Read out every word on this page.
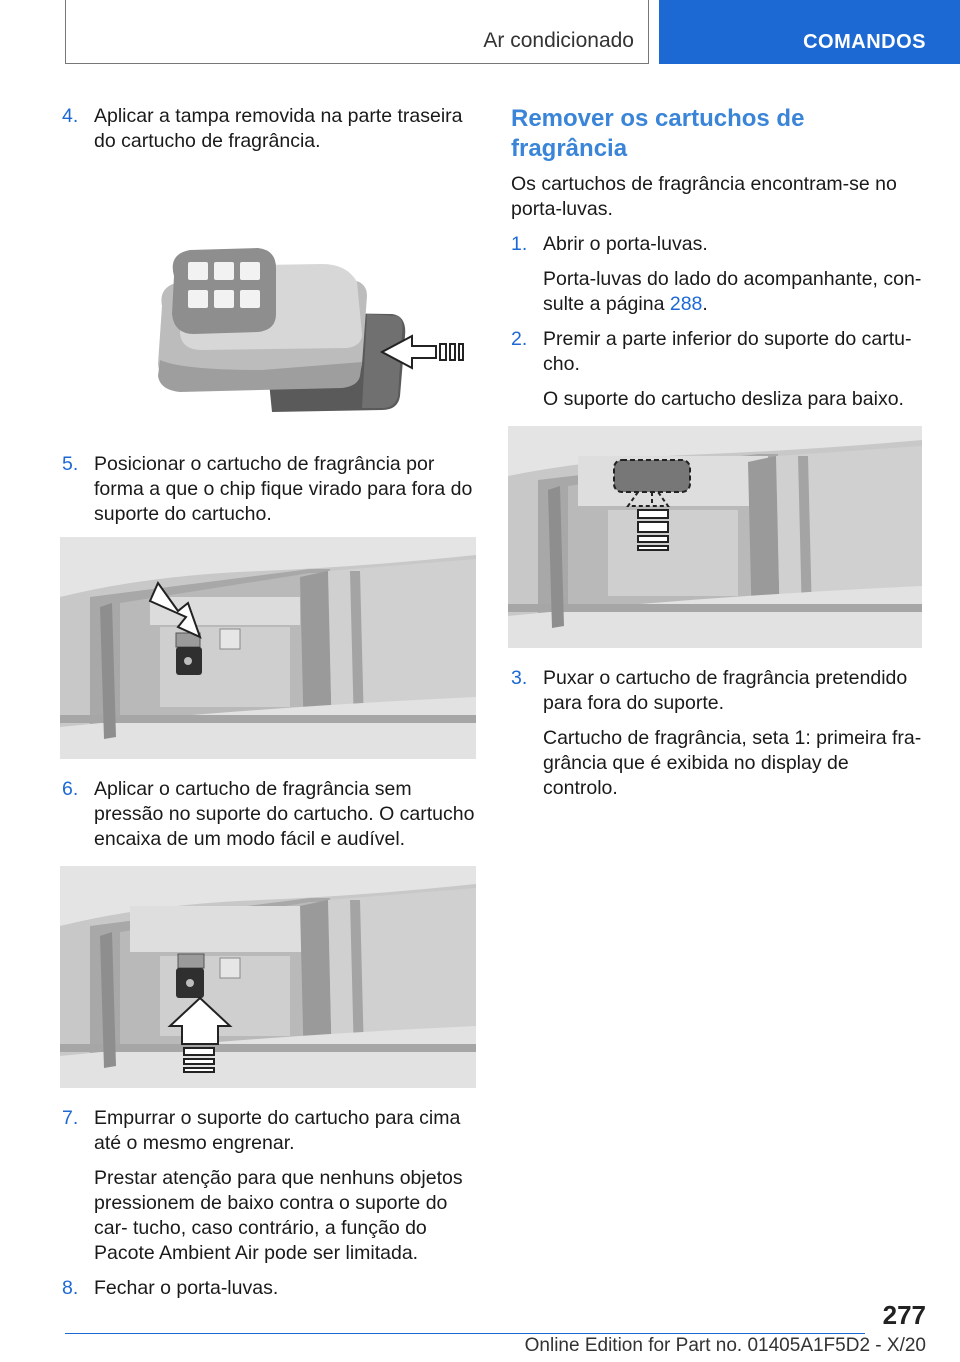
Ar condicionado	COMANDOS
4. Aplicar a tampa removida na parte traseira do cartucho de fragrância.
5. Posicionar o cartucho de fragrância por forma a que o chip fique virado para fora do suporte do cartucho.
6. Aplicar o cartucho de fragrância sem pressão no suporte do cartucho. O cartucho encaixa de um modo fácil e audível.
7. Empurrar o suporte do cartucho para cima até o mesmo engrenar.
Prestar atenção para que nenhuns objetos pressionem de baixo contra o suporte do car‐ tucho, caso contrário, a função do Pacote Ambient Air pode ser limitada.
8. Fechar o porta-luvas.
Remover os cartuchos de fragrância
Os cartuchos de fragrância encontram-se no porta-luvas.
1. Abrir o porta-luvas.
Porta-luvas do lado do acompanhante, con‐ sulte a página 288.
2. Premir a parte inferior do suporte do cartu‐ cho.
O suporte do cartucho desliza para baixo.
3. Puxar o cartucho de fragrância pretendido para fora do suporte.
Cartucho de fragrância, seta 1: primeira fra‐ grância que é exibida no display de controlo.
277
Online Edition for Part no. 01405A1F5D2 - X/20
